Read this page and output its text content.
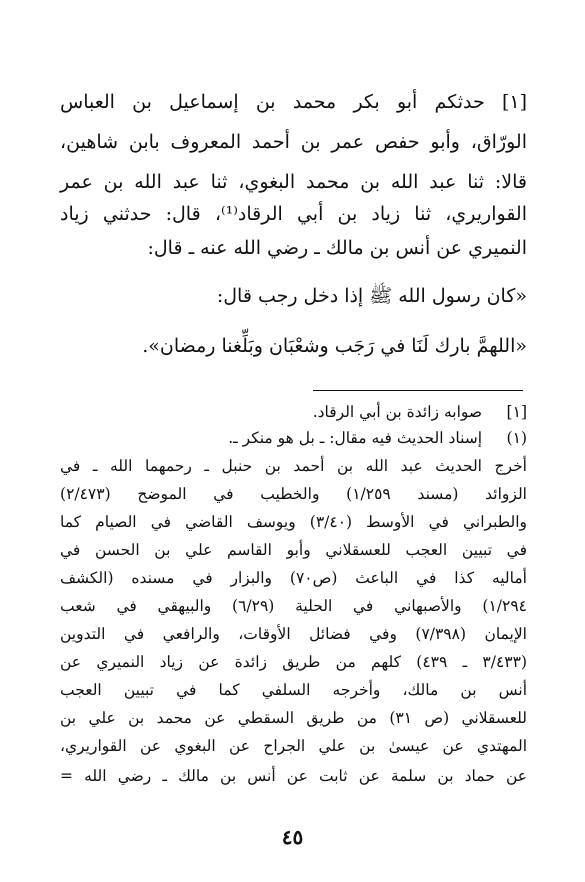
[١] حدثكم أبو بكر محمد بن إسماعيل بن العباس
الورّاق، وأبو حفص عمر بن أحمد المعروف بابن شاهين،
قالا: ثنا عبد الله بن محمد البغوي، ثنا عبد الله بن عمر
القواريري، ثنا زياد بن أبي الرقاد⁽¹⁾، قال: حدثني زياد
النميري عن أنس بن مالك ـ رضي الله عنه ـ قال:
«كان رسول الله ﷺ إذا دخل رجب قال:
«اللهمَّ بارك لَنَا في رَجَب وشعْبَان وبَلِّغنا رمضان».
[١] صوابه زائدة بن أبي الرقاد.
(١) إسناد الحديث فيه مقال: ـ بل هو منكر ـ.
أخرج الحديث عبد الله بن أحمد بن حنبل ـ رحمهما الله ـ في
الزوائد (مسند ١/٢٥٩) والخطيب في الموضح (٢/٤٧٣)
والطبراني في الأوسط (٣/٤٠) ويوسف القاضي في الصيام كما
في تبيين العجب للعسقلاني وأبو القاسم علي بن الحسن في
أماليه كذا في الباعث (ص٧٠) والبزار في مسنده (الكشف
١/٢٩٤) والأصبهاني في الحلية (٦/٢٩) والبيهقي في شعب
الإيمان (٧/٣٩٨) وفي فضائل الأوقات، والرافعي في التدوين
(٣/٤٣٣ ـ ٤٣٩) كلهم من طريق زائدة عن زياد النميري عن
أنس بن مالك، وأخرجه السلفي كما في تبيين العجب
للعسقلاني (ص ٣١) من طريق السقطي عن محمد بن علي بن
المهتدي عن عيسىٰ بن علي الجراح عن البغوي عن القواريري،
عن حماد بن سلمة عن ثابت عن أنس بن مالك ـ رضي الله =
٤٥
